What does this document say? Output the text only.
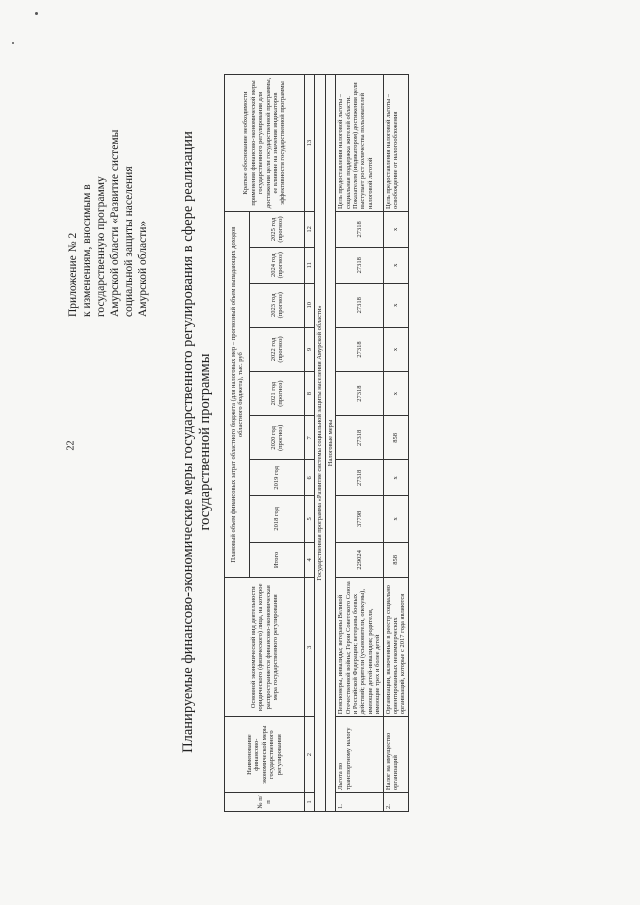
22
Приложение № 2 к изменениям, вносимым в государственную программу Амурской области «Развитие системы социальной защиты населения Амурской области» Планируемые финансово-экономические меры государственного регулирования в сфере реализации государственной программы
№ п/п	Наименование финансово-экономической меры государственного регулирования	Основной экономический вид деятельности юридического (физического) лица, на которое распространяется финансово-экономическая мера государственного регулирования	Плановый объем финансовых затрат областного бюджета (для налоговых мер – прогнозный объем выпадающих доходов областного бюджета), тыс. руб									Краткое обоснование необходимости применения финансово-экономической меры государственного регулирования для достижения цели государственной программы, ее влияние на значения индикаторов эффективности государственной программы
			Итого	2018 год	2019 год	2020 год (прогноз)	2021 год (прогноз)	2022 год (прогноз)	2023 год (прогноз)	2024 год (прогноз)	2025 год (прогноз)	
1	2	3	4	5	6	7	8	9	10	11	12	13
Государственная программа «Развитие системы социальной защиты населения Амурской области»												
Налоговые меры												
1.	Льгота по транспортному налогу	Пенсионеры, инвалиды; ветераны Великой Отечественной войны; Герои Советского Союза и Российской Федерации; ветераны боевых действий; родители (усыновители, опекуны), имеющие детей-инвалидов; родители, имеющие трех и более детей	229024	37798	27318	27318	27318	27318	27318	27318	27318	Цель предоставления налоговой льготы – социальная поддержка жителей области. Показателем (индикатором) достижения цели выступает рост количества пользователей налоговой льготой
2.	Налог на имущество организаций	Организации, включенные в реестр социально ориентированных некоммерческих организаций, которые с 2017 года являются	858	x	x	858	x	x	x	x	x	Цель предоставления налоговой льготы – освобождение от налогообложения
